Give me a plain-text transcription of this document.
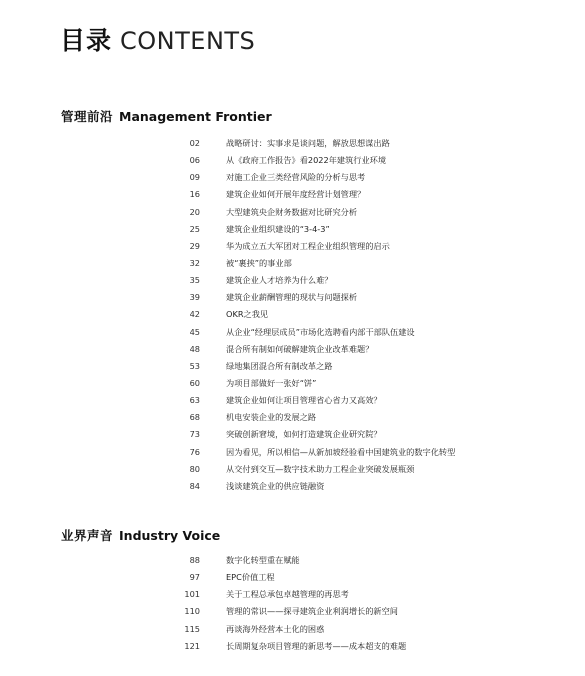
目录 CONTENTS
管理前沿 Management Frontier
02	战略研讨：实事求是谈问题，解放思想谋出路
06	从《政府工作报告》看2022年建筑行业环境
09	对施工企业三类经营风险的分析与思考
16	建筑企业如何开展年度经营计划管理？
20	大型建筑央企财务数据对比研究分析
25	建筑企业组织建设的“3-4-3”
29	华为成立五大军团对工程企业组织管理的启示
32	被“裹挟”的事业部
35	建筑企业人才培养为什么难？
39	建筑企业薪酬管理的现状与问题探析
42	OKR之我见
45	从企业“经理层成员”市场化选聘看内部干部队伍建设
48	混合所有制如何破解建筑企业改革难题？
53	绿地集团混合所有制改革之路
60	为项目部做好一张好“饼”
63	建筑企业如何让项目管理省心省力又高效？
68	机电安装企业的发展之路
73	突破创新窘境，如何打造建筑企业研究院？
76	因为看见，所以相信—从新加坡经验看中国建筑业的数字化转型
80	从交付到交互—数字技术助力工程企业突破发展瓶颈
84	浅谈建筑企业的供应链融资
业界声音 Industry Voice
88	数字化转型重在赋能
97	EPC价值工程
101	关于工程总承包卓越管理的再思考
110	管理的常识——探寻建筑企业利润增长的新空间
115	再谈海外经营本土化的困惑
121	长周期复杂项目管理的新思考——成本超支的难题
